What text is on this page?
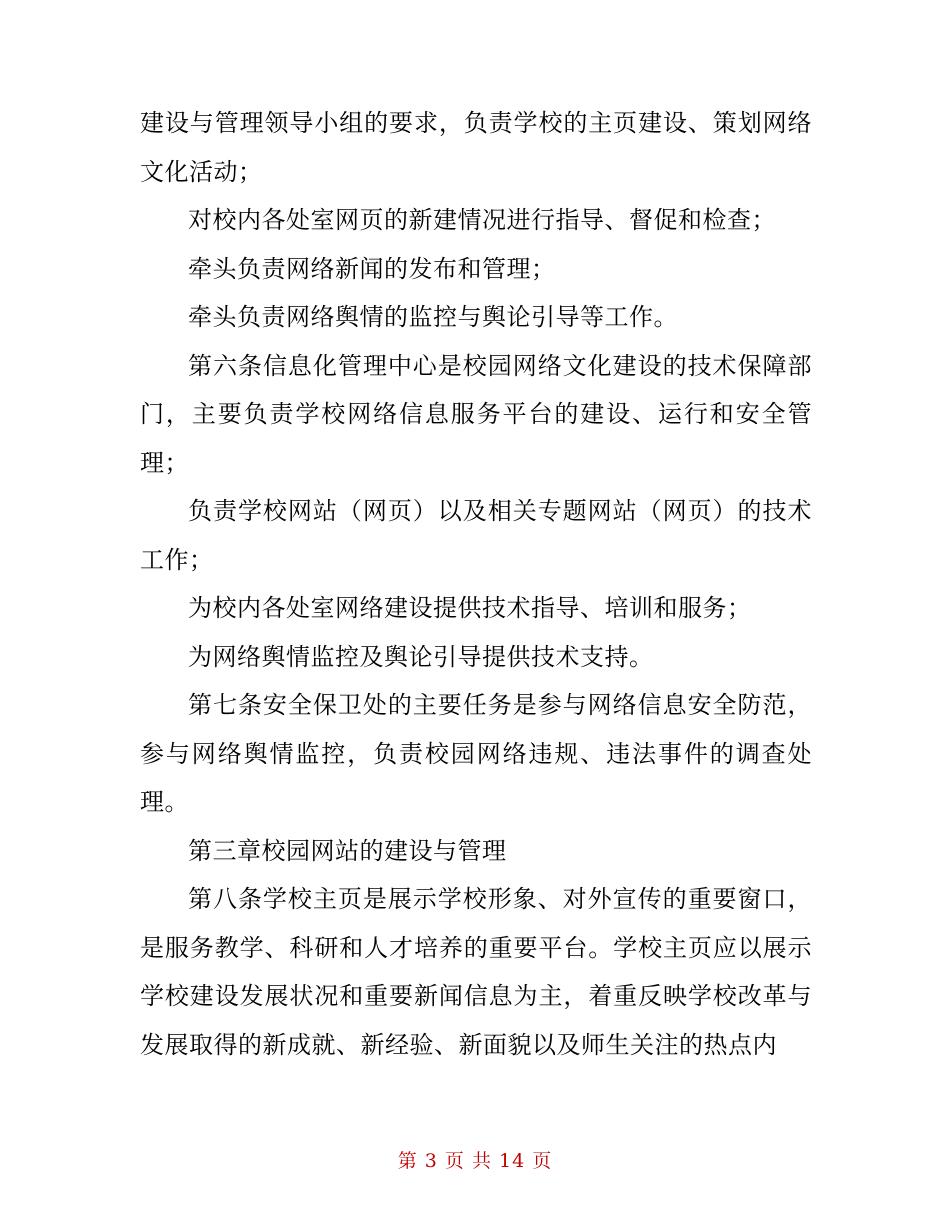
建设与管理领导小组的要求，负责学校的主页建设、策划网络文化活动；

对校内各处室网页的新建情况进行指导、督促和检查；

牵头负责网络新闻的发布和管理；

牵头负责网络舆情的监控与舆论引导等工作。

第六条信息化管理中心是校园网络文化建设的技术保障部门，主要负责学校网络信息服务平台的建设、运行和安全管理；

负责学校网站（网页）以及相关专题网站（网页）的技术工作；

为校内各处室网络建设提供技术指导、培训和服务；

为网络舆情监控及舆论引导提供技术支持。

第七条安全保卫处的主要任务是参与网络信息安全防范，参与网络舆情监控，负责校园网络违规、违法事件的调查处理。

第三章校园网站的建设与管理

第八条学校主页是展示学校形象、对外宣传的重要窗口，是服务教学、科研和人才培养的重要平台。学校主页应以展示学校建设发展状况和重要新闻信息为主，着重反映学校改革与发展取得的新成就、新经验、新面貌以及师生关注的热点内

第 3 页 共 14 页
